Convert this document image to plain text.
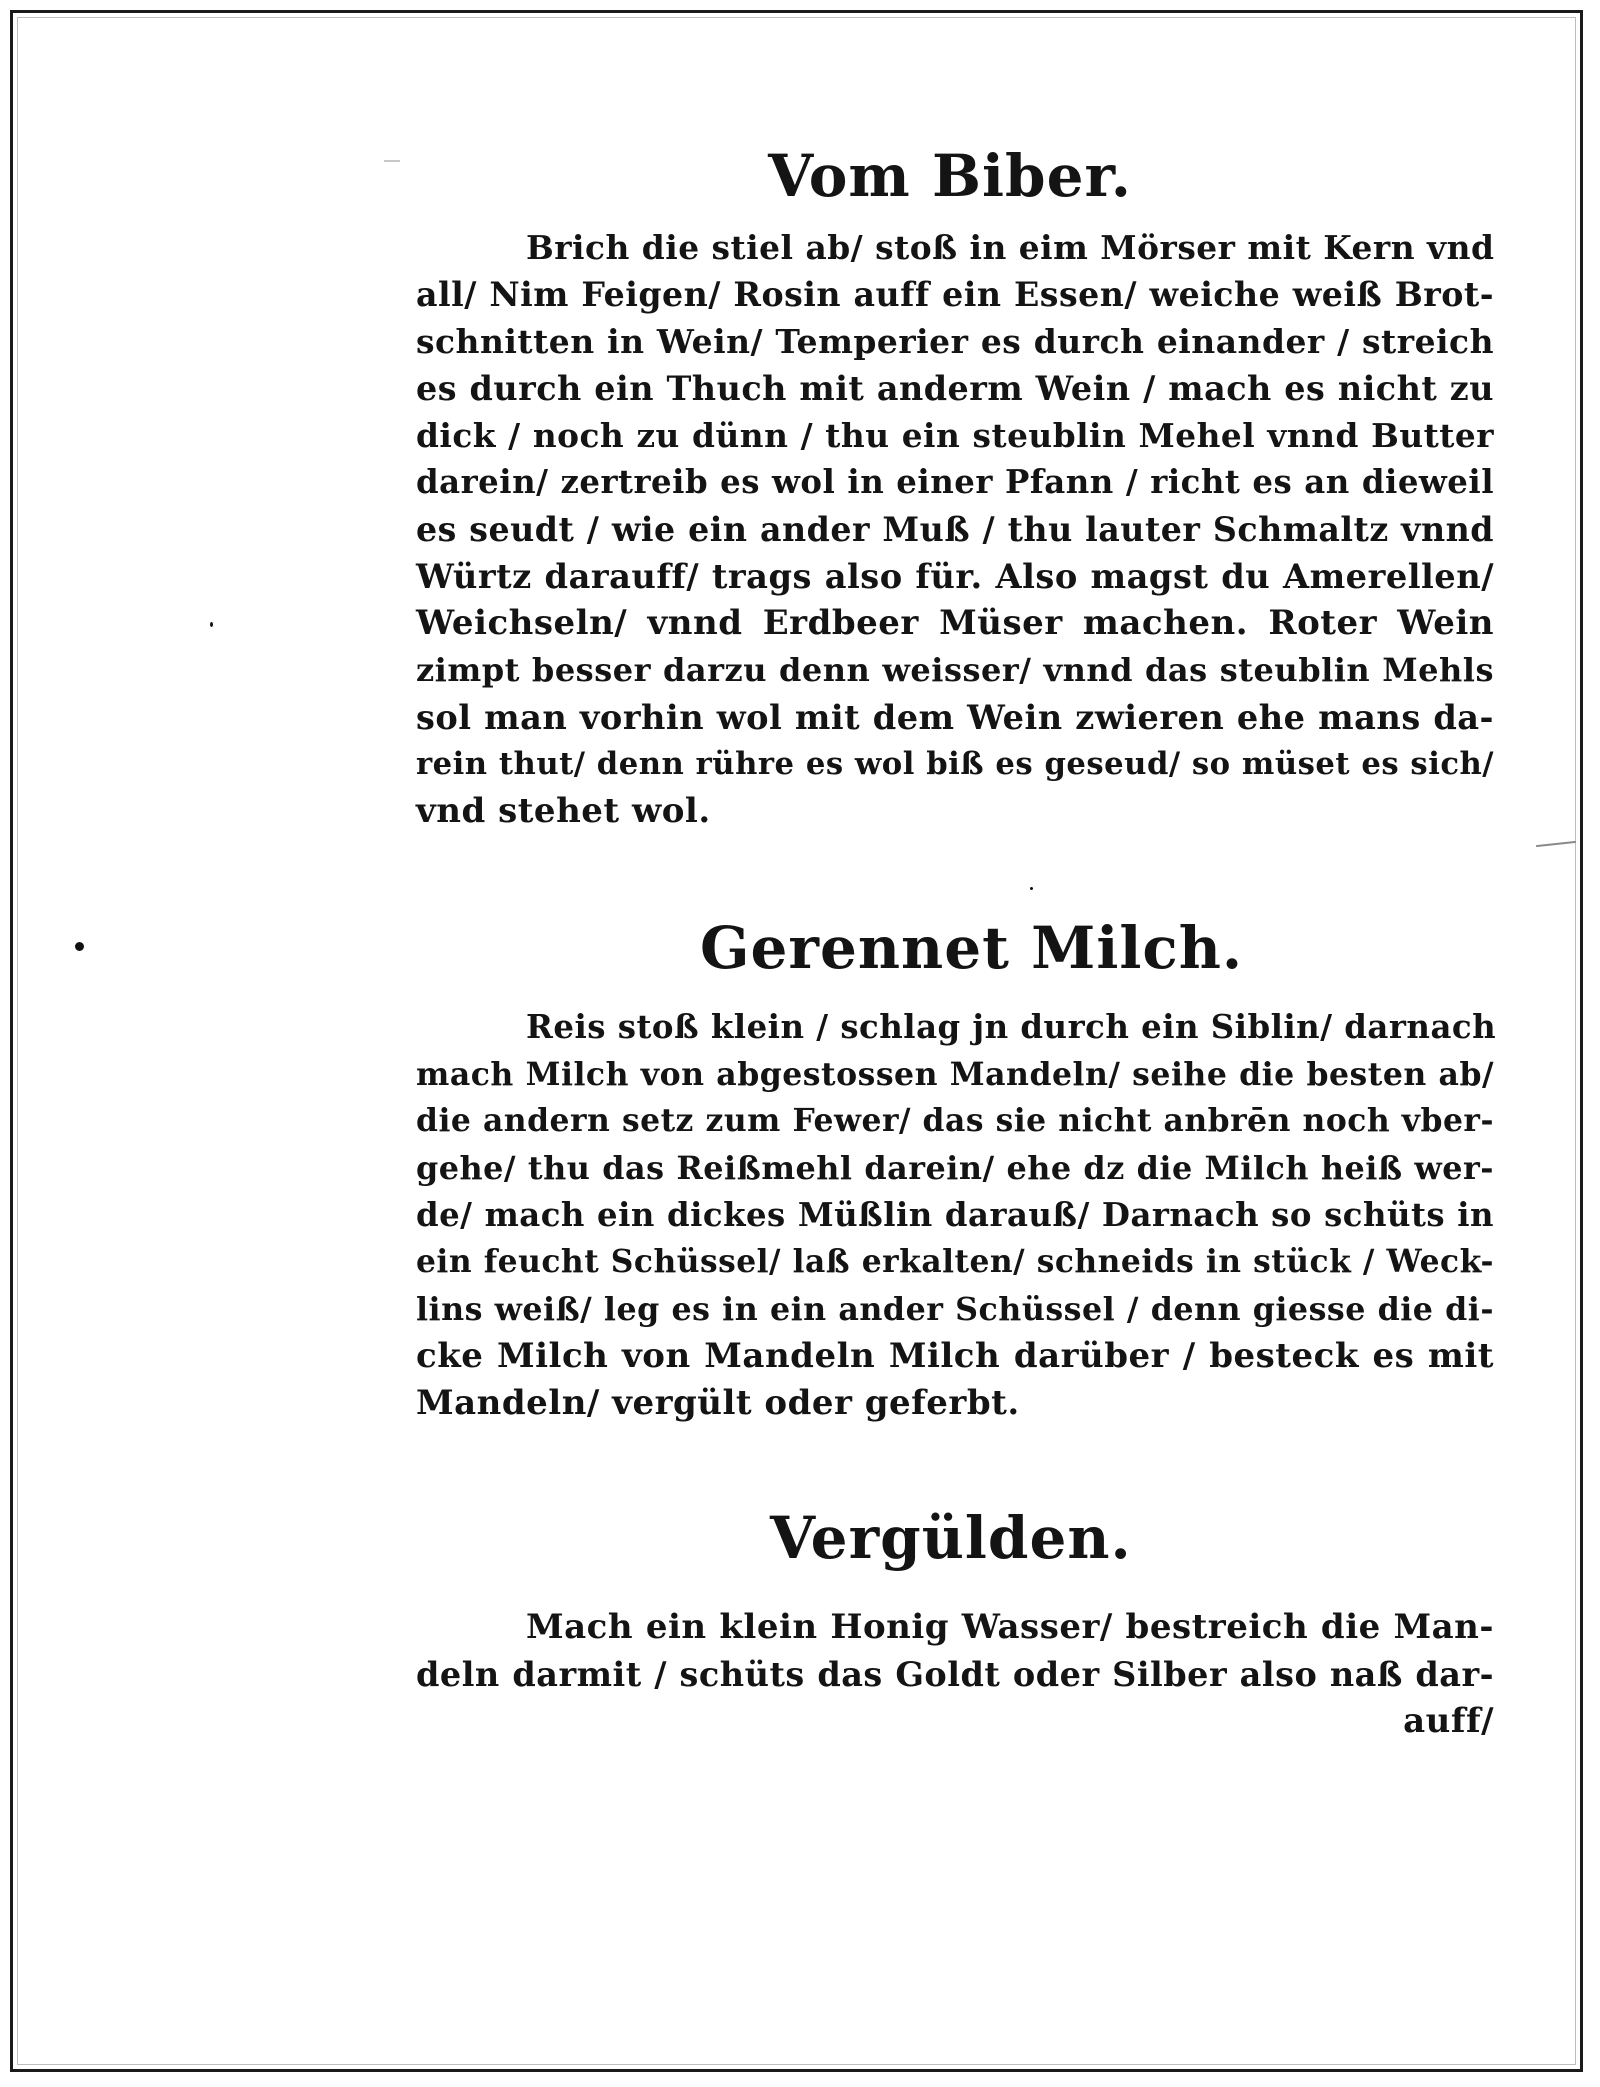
Vom Biber.
Brich die stiel ab/ stoß in eim Mörser mit Kern vnd
all/ Nim Feigen/ Rosin auff ein Essen/ weiche weiß Brot-
schnitten in Wein/ Temperier es durch einander / streich
es durch ein Thuch mit anderm Wein / mach es nicht zu
dick / noch zu dünn / thu ein steublin Mehel vnnd Butter
darein/ zertreib es wol in einer Pfann / richt es an dieweil
es seudt / wie ein ander Muß / thu lauter Schmaltz vnnd
Würtz darauff/ trags also für. Also magst du Amerellen/
Weichseln/ vnnd Erdbeer Müser machen. Roter Wein
zimpt besser darzu denn weisser/ vnnd das steublin Mehls
sol man vorhin wol mit dem Wein zwieren ehe mans da-
rein thut/ denn rühre es wol biß es geseud/ so müset es sich/
vnd stehet wol.
Gerennet Milch.
Reis stoß klein / schlag jn durch ein Siblin/ darnach
mach Milch von abgestossen Mandeln/ seihe die besten ab/
die andern setz zum Fewer/ das sie nicht anbrēn noch vber-
gehe/ thu das Reißmehl darein/ ehe dz die Milch heiß wer-
de/ mach ein dickes Müßlin darauß/ Darnach so schüts in
ein feucht Schüssel/ laß erkalten/ schneids in stück / Weck-
lins weiß/ leg es in ein ander Schüssel / denn giesse die di-
cke Milch von Mandeln Milch darüber / besteck es mit
Mandeln/ vergült oder geferbt.
Vergülden.
Mach ein klein Honig Wasser/ bestreich die Man-
deln darmit / schüts das Goldt oder Silber also naß dar-
auff/
